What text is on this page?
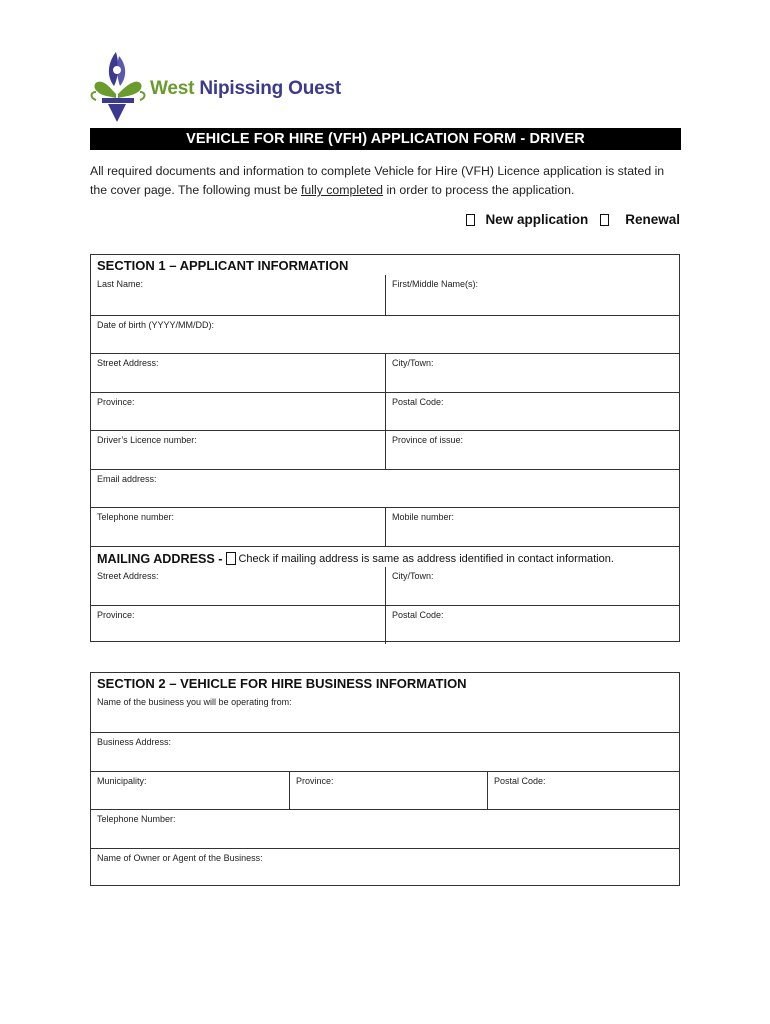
West Nipissing Ouest
VEHICLE FOR HIRE (VFH) APPLICATION FORM - DRIVER
All required documents and information to complete Vehicle for Hire (VFH) Licence application is stated in the cover page. The following must be fully completed in order to process the application.
New application	Renewal
SECTION 1 – APPLICANT INFORMATION
Last Name:	First/Middle Name(s):
Date of birth (YYYY/MM/DD):
Street Address:	City/Town:
Province:	Postal Code:
Driver’s Licence number:	Province of issue:
Email address:
Telephone number:	Mobile number:
MAILING ADDRESS - Check if mailing address is same as address identified in contact information.
Street Address:	City/Town:
Province:	Postal Code:
SECTION 2 – VEHICLE FOR HIRE BUSINESS INFORMATION
Name of the business you will be operating from:
Business Address:
Municipality:	Province:	Postal Code:
Telephone Number:
Name of Owner or Agent of the Business:
